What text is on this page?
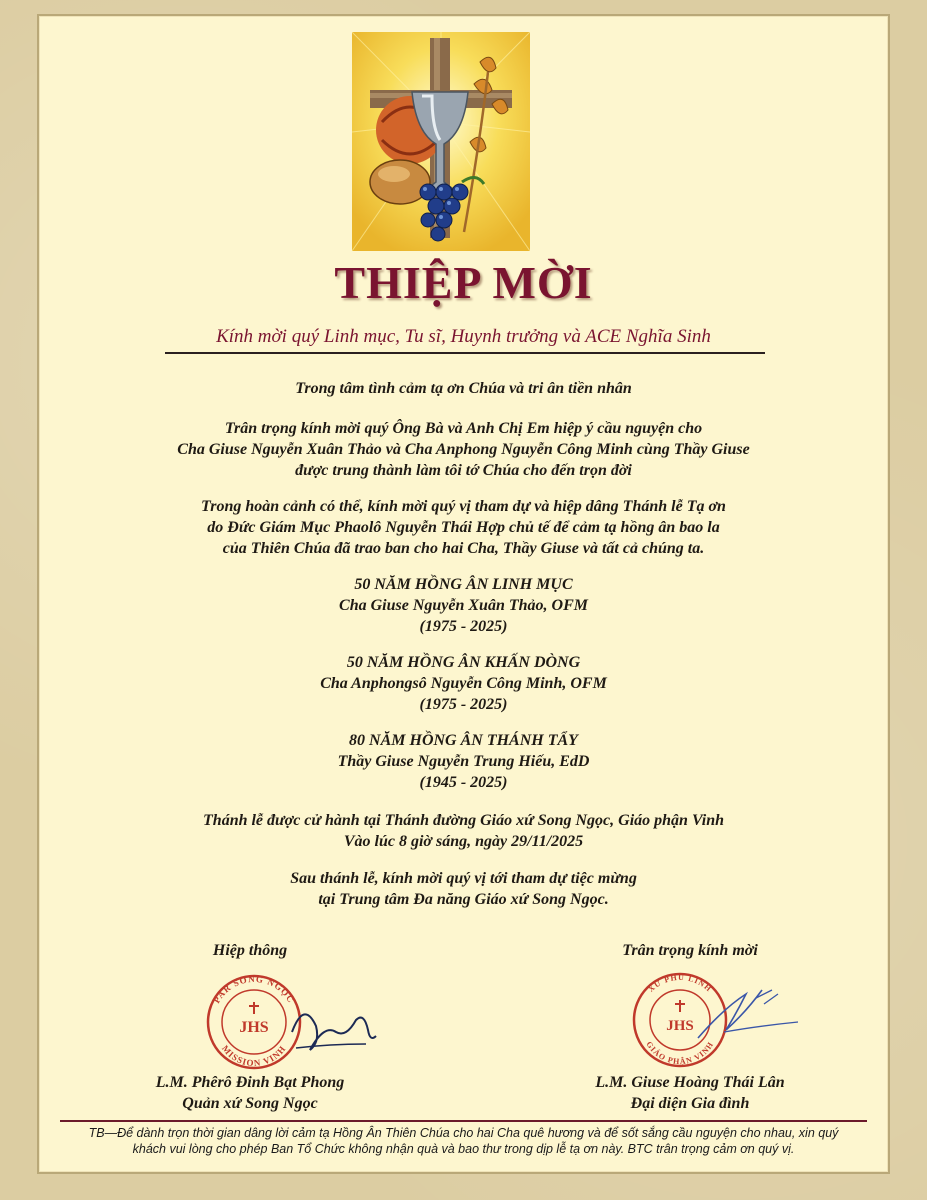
THIỆP MỜI
Kính mời quý Linh mục, Tu sĩ, Huynh trưởng và ACE Nghĩa Sinh

Trong tâm tình cảm tạ ơn Chúa và tri ân tiền nhân

Trân trọng kính mời quý Ông Bà và Anh Chị Em hiệp ý cầu nguyện cho
Cha Giuse Nguyễn Xuân Thảo và Cha Anphong Nguyễn Công Minh cùng Thầy Giuse
được trung thành làm tôi tớ Chúa cho đến trọn đời

Trong hoàn cảnh có thể, kính mời quý vị tham dự và hiệp dâng Thánh lễ Tạ ơn
do Đức Giám Mục Phaolô Nguyễn Thái Hợp chủ tế để cảm tạ hồng ân bao la
của Thiên Chúa đã trao ban cho hai Cha, Thầy Giuse và tất cả chúng ta.

50 NĂM HỒNG ÂN LINH MỤC
Cha Giuse Nguyễn Xuân Thảo, OFM
(1975 - 2025)

50 NĂM HỒNG ÂN KHẤN DÒNG
Cha Anphongsô Nguyễn Công Minh, OFM
(1975 - 2025)

80 NĂM HỒNG ÂN THÁNH TẨY
Thầy Giuse Nguyễn Trung Hiếu, EdD
(1945 - 2025)

Thánh lễ được cử hành tại Thánh đường Giáo xứ Song Ngọc, Giáo phận Vinh
Vào lúc 8 giờ sáng, ngày 29/11/2025

Sau thánh lễ, kính mời quý vị tới tham dự tiệc mừng
tại Trung tâm Đa năng Giáo xứ Song Ngọc.

Hiệp thông
PAR SONG NGỌC
MISSION VINH
JHS
L.M. Phêrô Đinh Bạt Phong
Quản xứ Song Ngọc
Trân trọng kính mời
XỨ PHÚ LINH
GIÁO PHẬN VINH
JHS
L.M. Giuse Hoàng Thái Lân
Đại diện Gia đình
TB—Để dành trọn thời gian dâng lời cảm tạ Hồng Ân Thiên Chúa cho hai Cha quê hương và để sốt sắng cầu nguyện cho nhau, xin quý
khách vui lòng cho phép Ban Tổ Chức không nhận quà và bao thư trong dịp lễ tạ ơn này. BTC trân trọng cảm ơn quý vị.
